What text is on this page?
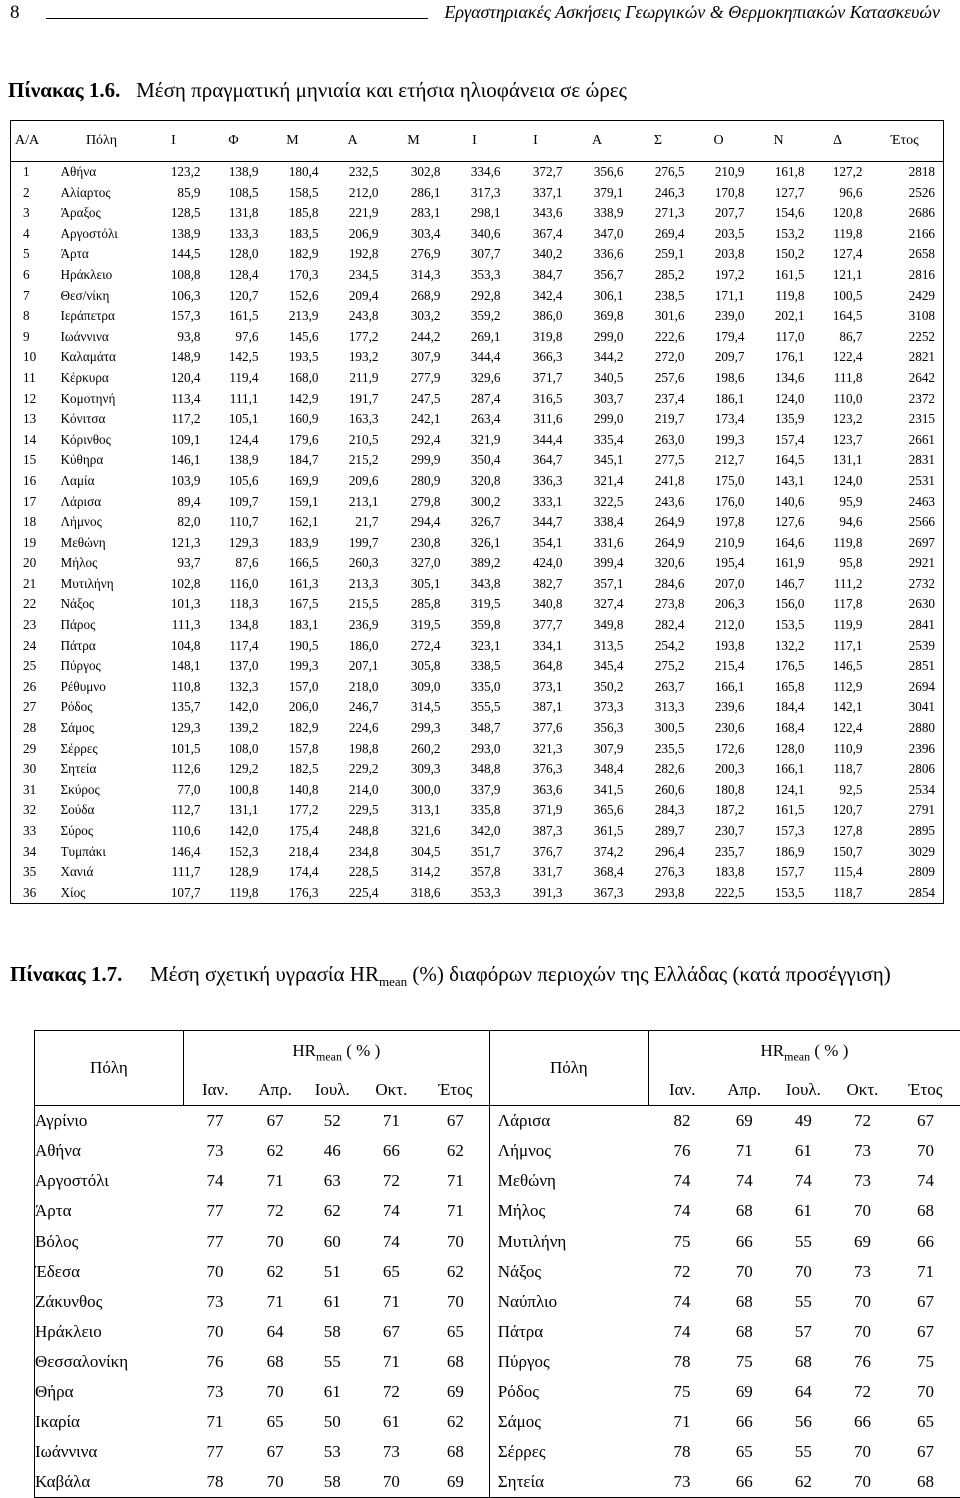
8	Εργαστηριακές Ασκήσεις Γεωργικών & Θερμοκηπιακών Κατασκευών
Πίνακας 1.6. Μέση πραγματική μηνιαία και ετήσια ηλιοφάνεια σε ώρες
Α/Α	Πόλη	Ι	Φ	Μ	Α	Μ	Ι	Ι	Α	Σ	Ο	Ν	Δ	Έτος
1	Αθήνα	123,2	138,9	180,4	232,5	302,8	334,6	372,7	356,6	276,5	210,9	161,8	127,2	2818
2	Αλίαρτος	85,9	108,5	158,5	212,0	286,1	317,3	337,1	379,1	246,3	170,8	127,7	96,6	2526
3	Άραξος	128,5	131,8	185,8	221,9	283,1	298,1	343,6	338,9	271,3	207,7	154,6	120,8	2686
4	Αργοστόλι	138,9	133,3	183,5	206,9	303,4	340,6	367,4	347,0	269,4	203,5	153,2	119,8	2166
5	Άρτα	144,5	128,0	182,9	192,8	276,9	307,7	340,2	336,6	259,1	203,8	150,2	127,4	2658
6	Ηράκλειο	108,8	128,4	170,3	234,5	314,3	353,3	384,7	356,7	285,2	197,2	161,5	121,1	2816
7	Θεσ/νίκη	106,3	120,7	152,6	209,4	268,9	292,8	342,4	306,1	238,5	171,1	119,8	100,5	2429
8	Ιεράπετρα	157,3	161,5	213,9	243,8	303,2	359,2	386,0	369,8	301,6	239,0	202,1	164,5	3108
9	Ιωάννινα	93,8	97,6	145,6	177,2	244,2	269,1	319,8	299,0	222,6	179,4	117,0	86,7	2252
10	Καλαμάτα	148,9	142,5	193,5	193,2	307,9	344,4	366,3	344,2	272,0	209,7	176,1	122,4	2821
11	Κέρκυρα	120,4	119,4	168,0	211,9	277,9	329,6	371,7	340,5	257,6	198,6	134,6	111,8	2642
12	Κομοτηνή	113,4	111,1	142,9	191,7	247,5	287,4	316,5	303,7	237,4	186,1	124,0	110,0	2372
13	Κόνιτσα	117,2	105,1	160,9	163,3	242,1	263,4	311,6	299,0	219,7	173,4	135,9	123,2	2315
14	Κόρινθος	109,1	124,4	179,6	210,5	292,4	321,9	344,4	335,4	263,0	199,3	157,4	123,7	2661
15	Κύθηρα	146,1	138,9	184,7	215,2	299,9	350,4	364,7	345,1	277,5	212,7	164,5	131,1	2831
16	Λαμία	103,9	105,6	169,9	209,6	280,9	320,8	336,3	321,4	241,8	175,0	143,1	124,0	2531
17	Λάρισα	89,4	109,7	159,1	213,1	279,8	300,2	333,1	322,5	243,6	176,0	140,6	95,9	2463
18	Λήμνος	82,0	110,7	162,1	21,7	294,4	326,7	344,7	338,4	264,9	197,8	127,6	94,6	2566
19	Μεθώνη	121,3	129,3	183,9	199,7	230,8	326,1	354,1	331,6	264,9	210,9	164,6	119,8	2697
20	Μήλος	93,7	87,6	166,5	260,3	327,0	389,2	424,0	399,4	320,6	195,4	161,9	95,8	2921
21	Μυτιλήνη	102,8	116,0	161,3	213,3	305,1	343,8	382,7	357,1	284,6	207,0	146,7	111,2	2732
22	Νάξος	101,3	118,3	167,5	215,5	285,8	319,5	340,8	327,4	273,8	206,3	156,0	117,8	2630
23	Πάρος	111,3	134,8	183,1	236,9	319,5	359,8	377,7	349,8	282,4	212,0	153,5	119,9	2841
24	Πάτρα	104,8	117,4	190,5	186,0	272,4	323,1	334,1	313,5	254,2	193,8	132,2	117,1	2539
25	Πύργος	148,1	137,0	199,3	207,1	305,8	338,5	364,8	345,4	275,2	215,4	176,5	146,5	2851
26	Ρέθυμνο	110,8	132,3	157,0	218,0	309,0	335,0	373,1	350,2	263,7	166,1	165,8	112,9	2694
27	Ρόδος	135,7	142,0	206,0	246,7	314,5	355,5	387,1	373,3	313,3	239,6	184,4	142,1	3041
28	Σάμος	129,3	139,2	182,9	224,6	299,3	348,7	377,6	356,3	300,5	230,6	168,4	122,4	2880
29	Σέρρες	101,5	108,0	157,8	198,8	260,2	293,0	321,3	307,9	235,5	172,6	128,0	110,9	2396
30	Σητεία	112,6	129,2	182,5	229,2	309,3	348,8	376,3	348,4	282,6	200,3	166,1	118,7	2806
31	Σκύρος	77,0	100,8	140,8	214,0	300,0	337,9	363,6	341,5	260,6	180,8	124,1	92,5	2534
32	Σούδα	112,7	131,1	177,2	229,5	313,1	335,8	371,9	365,6	284,3	187,2	161,5	120,7	2791
33	Σύρος	110,6	142,0	175,4	248,8	321,6	342,0	387,3	361,5	289,7	230,7	157,3	127,8	2895
34	Τυμπάκι	146,4	152,3	218,4	234,8	304,5	351,7	376,7	374,2	296,4	235,7	186,9	150,7	3029
35	Χανιά	111,7	128,9	174,4	228,5	314,2	357,8	331,7	368,4	276,3	183,8	157,7	115,4	2809
36	Χίος	107,7	119,8	176,3	225,4	318,6	353,3	391,3	367,3	293,8	222,5	153,5	118,7	2854
Πίνακας 1.7. Μέση σχετική υγρασία $HR_{mean}$ (%) διαφόρων περιοχών της Ελλάδας (κατά προσέγγιση)
Πόλη	$HR_{mean}$ ( % )					Πόλη	$HR_{mean}$ ( % )				
	Ιαν.	Απρ.	Ιουλ.	Οκτ.	Έτος		Ιαν.	Απρ.	Ιουλ.	Οκτ.	Έτος
Αγρίνιο	77	67	52	71	67	Λάρισα	82	69	49	72	67
Αθήνα	73	62	46	66	62	Λήμνος	76	71	61	73	70
Αργοστόλι	74	71	63	72	71	Μεθώνη	74	74	74	73	74
Άρτα	77	72	62	74	71	Μήλος	74	68	61	70	68
Βόλος	77	70	60	74	70	Μυτιλήνη	75	66	55	69	66
Έδεσα	70	62	51	65	62	Νάξος	72	70	70	73	71
Ζάκυνθος	73	71	61	71	70	Ναύπλιο	74	68	55	70	67
Ηράκλειο	70	64	58	67	65	Πάτρα	74	68	57	70	67
Θεσσαλονίκη	76	68	55	71	68	Πύργος	78	75	68	76	75
Θήρα	73	70	61	72	69	Ρόδος	75	69	64	72	70
Ικαρία	71	65	50	61	62	Σάμος	71	66	56	66	65
Ιωάννινα	77	67	53	73	68	Σέρρες	78	65	55	70	67
Καβάλα	78	70	58	70	69	Σητεία	73	66	62	70	68
